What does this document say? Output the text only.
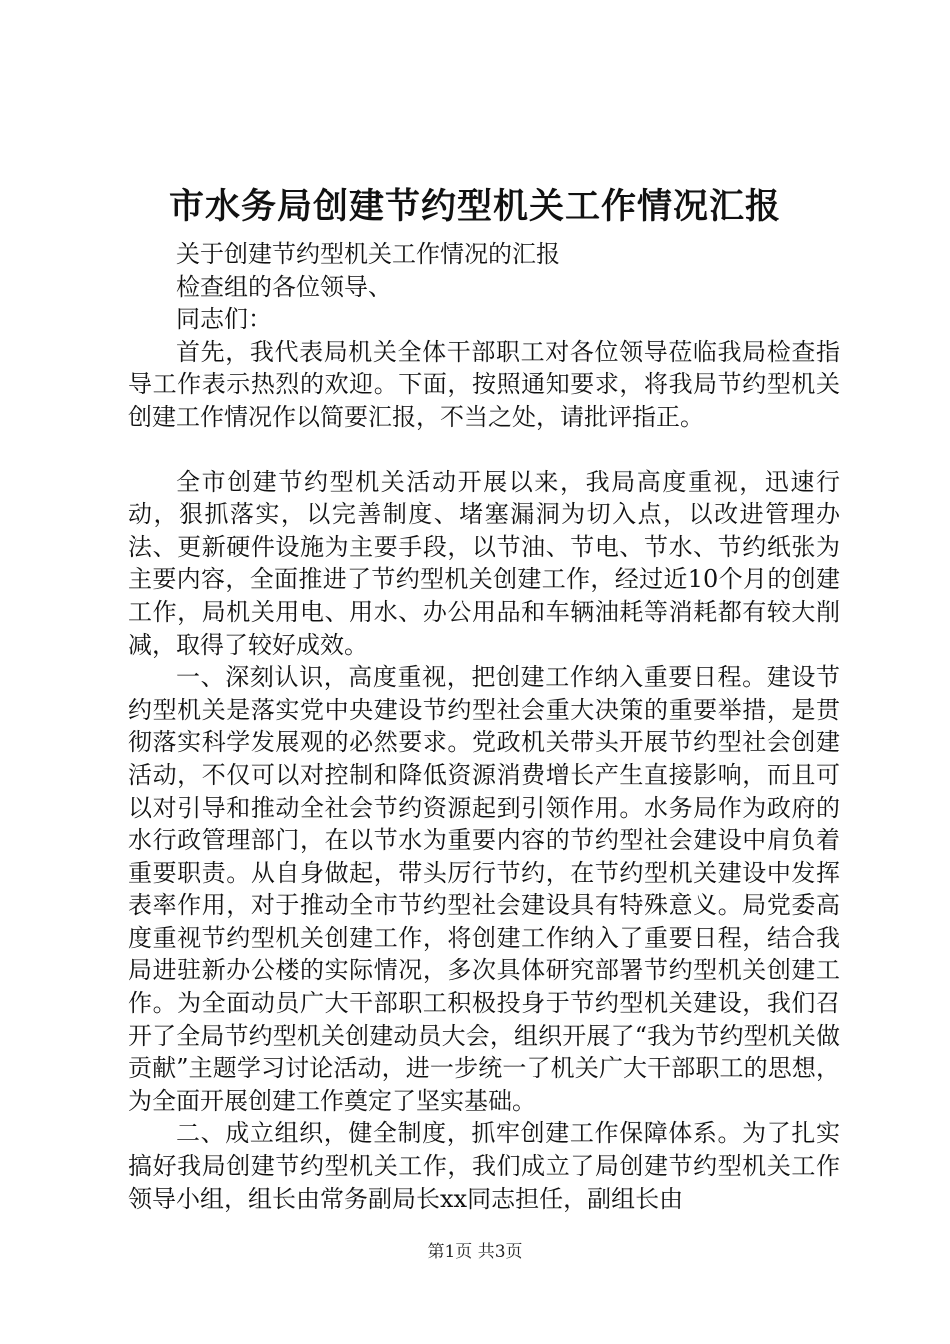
市水务局创建节约型机关工作情况汇报

关于创建节约型机关工作情况的汇报

检查组的各位领导、

同志们：

首先，我代表局机关全体干部职工对各位领导莅临我局检查指导工作表示热烈的欢迎。下面，按照通知要求，将我局节约型机关创建工作情况作以简要汇报，不当之处，请批评指正。

全市创建节约型机关活动开展以来，我局高度重视，迅速行动，狠抓落实，以完善制度、堵塞漏洞为切入点，以改进管理办法、更新硬件设施为主要手段，以节油、节电、节水、节约纸张为主要内容，全面推进了节约型机关创建工作，经过近10个月的创建工作，局机关用电、用水、办公用品和车辆油耗等消耗都有较大削减，取得了较好成效。

一、深刻认识，高度重视，把创建工作纳入重要日程。建设节约型机关是落实党中央建设节约型社会重大决策的重要举措，是贯彻落实科学发展观的必然要求。党政机关带头开展节约型社会创建活动，不仅可以对控制和降低资源消费增长产生直接影响，而且可以对引导和推动全社会节约资源起到引领作用。水务局作为政府的水行政管理部门，在以节水为重要内容的节约型社会建设中肩负着重要职责。从自身做起，带头厉行节约，在节约型机关建设中发挥表率作用，对于推动全市节约型社会建设具有特殊意义。局党委高度重视节约型机关创建工作，将创建工作纳入了重要日程，结合我局进驻新办公楼的实际情况，多次具体研究部署节约型机关创建工作。为全面动员广大干部职工积极投身于节约型机关建设，我们召开了全局节约型机关创建动员大会，组织开展了“我为节约型机关做贡献”主题学习讨论活动，进一步统一了机关广大干部职工的思想，为全面开展创建工作奠定了坚实基础。

二、成立组织，健全制度，抓牢创建工作保障体系。为了扎实搞好我局创建节约型机关工作，我们成立了局创建节约型机关工作领导小组，组长由常务副局长xx同志担任，副组长由

第1页 共3页
